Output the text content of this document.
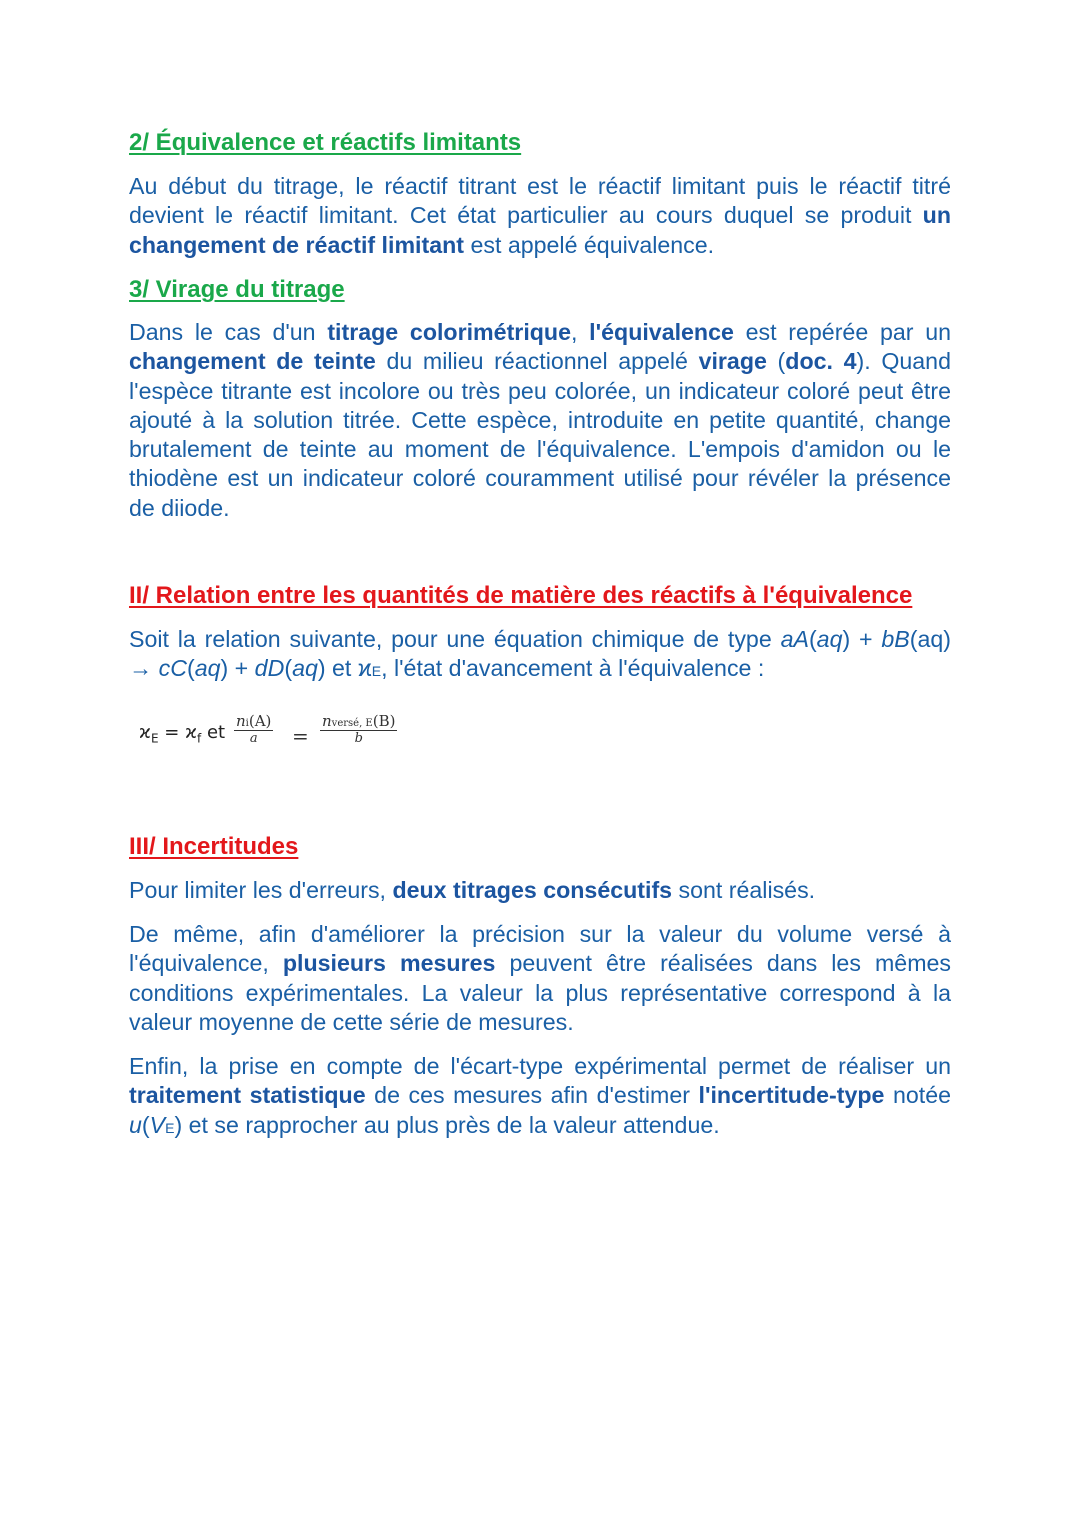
2/ Équivalence et réactifs limitants

Au début du titrage, le réactif titrant est le réactif limitant puis le réactif titré devient le réactif limitant. Cet état particulier au cours duquel se produit un changement de réactif limitant est appelé équivalence.

3/ Virage du titrage

Dans le cas d'un titrage colorimétrique, l'équivalence est repérée par un changement de teinte du milieu réactionnel appelé virage (doc. 4). Quand l'espèce titrante est incolore ou très peu colorée, un indicateur coloré peut être ajouté à la solution titrée. Cette espèce, introduite en petite quantité, change brutalement de teinte au moment de l'équivalence. L'empois d'amidon ou le thiodène est un indicateur coloré couramment utilisé pour révéler la présence de diiode.

II/ Relation entre les quantités de matière des réactifs à l'équivalence

Soit la relation suivante, pour une équation chimique de type aA(aq) + bB(aq) → cC(aq) + dD(aq) et ϰE, l'état d'avancement à l'équivalence :

III/ Incertitudes

Pour limiter les d'erreurs, deux titrages consécutifs sont réalisés.

De même, afin d'améliorer la précision sur la valeur du volume versé à l'équivalence, plusieurs mesures peuvent être réalisées dans les mêmes conditions expérimentales. La valeur la plus représentative correspond à la valeur moyenne de cette série de mesures.

Enfin, la prise en compte de l'écart-type expérimental permet de réaliser un traitement statistique de ces mesures afin d'estimer l'incertitude-type notée u(VE) et se rapprocher au plus près de la valeur attendue.

$ϰ_E = ϰ_f$ et
ni(A)
a	=
nversé, E(B)
b
